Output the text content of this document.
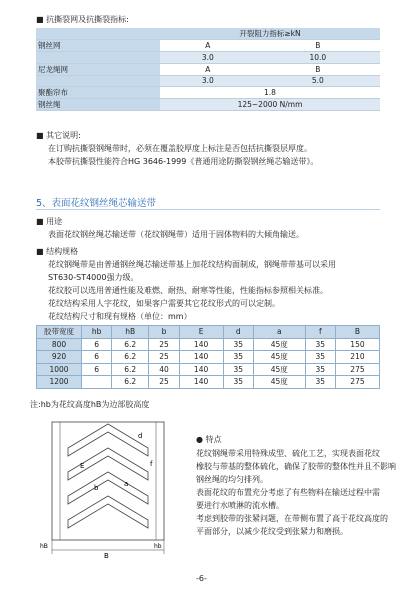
■ 抗撕裂网及抗撕裂指标:
	开裂阻力指标≥kN	
钢丝网	A	B
	3.0	10.0
尼龙绳网	A	B
	3.0	5.0
聚酯帘布	1.8	
钢丝绳	125~2000 N/mm	
■ 其它说明:
在订购抗撕裂钢绳带时，必须在覆盖胶厚度上标注是否包括抗撕裂层厚度。
本胶带抗撕裂性能符合HG 3646-1999《普通用途防撕裂钢丝绳芯输送带》。
5、表面花纹钢丝绳芯输送带
■ 用途
表面花纹钢丝绳芯输送带（花纹钢绳带）适用于固体物料的大倾角输送。
■ 结构规格
花纹钢绳带是由普通钢丝绳芯输送带基上加花纹结构面制成，钢绳带带基可以采用
ST630-ST4000强力级。
花纹胶可以选用普通性能及难燃、耐热、耐寒等性能，性能指标参照相关标准。
花纹结构采用人字花纹，如果客户需要其它花纹形式的可以定制。
花纹结构尺寸和现有规格（单位：mm）
胶带宽度	hb	hB	b	E	d	a	f	B
800	6	6.2	25	140	35	45度	35	150
920	6	6.2	25	140	35	45度	35	210
1000	6	6.2	40	140	35	45度	35	275
1200		6.2	25	140	35	45度	35	275
注:hb为花纹高度hB为边部胶高度
E
d
b
f
a
B
hB	hb
● 特点
花纹钢绳带采用特殊成型、硫化工艺，实现表面花纹
橡胶与带基的整体硫化，确保了胶带的整体性并且不影响
钢丝绳的均匀排列。
表面花纹的布置充分考虑了有些物料在输送过程中需
要进行水喷淋的流水槽。
考虑到胶带的张紧问题，在带侧布置了高于花纹高度的
平面部分，以减少花纹受到张紧力和磨损。
-6-
